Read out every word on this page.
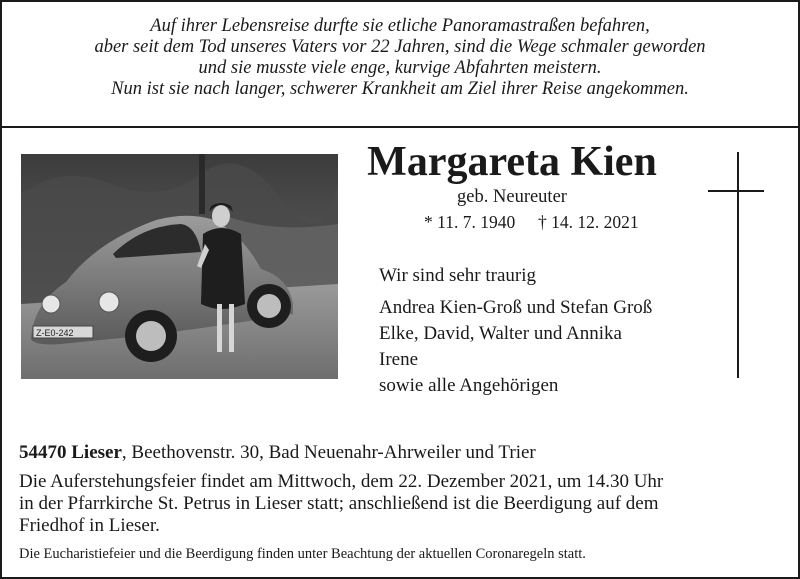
Auf ihrer Lebensreise durfte sie etliche Panoramastraßen befahren,
aber seit dem Tod unseres Vaters vor 22 Jahren, sind die Wege schmaler geworden
und sie musste viele enge, kurvige Abfahrten meistern.
Nun ist sie nach langer, schwerer Krankheit am Ziel ihrer Reise angekommen.
Z-E0-242
Margareta Kien
geb. Neureuter
* 11. 7. 1940 † 14. 12. 2021
Wir sind sehr traurig
Andrea Kien-Groß und Stefan Groß
Elke, David, Walter und Annika
Irene
sowie alle Angehörigen
54470 Lieser, Beethovenstr. 30, Bad Neuenahr-Ahrweiler und Trier
Die Auferstehungsfeier findet am Mittwoch, dem 22. Dezember 2021, um 14.30 Uhr
in der Pfarrkirche St. Petrus in Lieser statt; anschließend ist die Beerdigung auf dem
Friedhof in Lieser.
Die Eucharistiefeier und die Beerdigung finden unter Beachtung der aktuellen Coronaregeln statt.
